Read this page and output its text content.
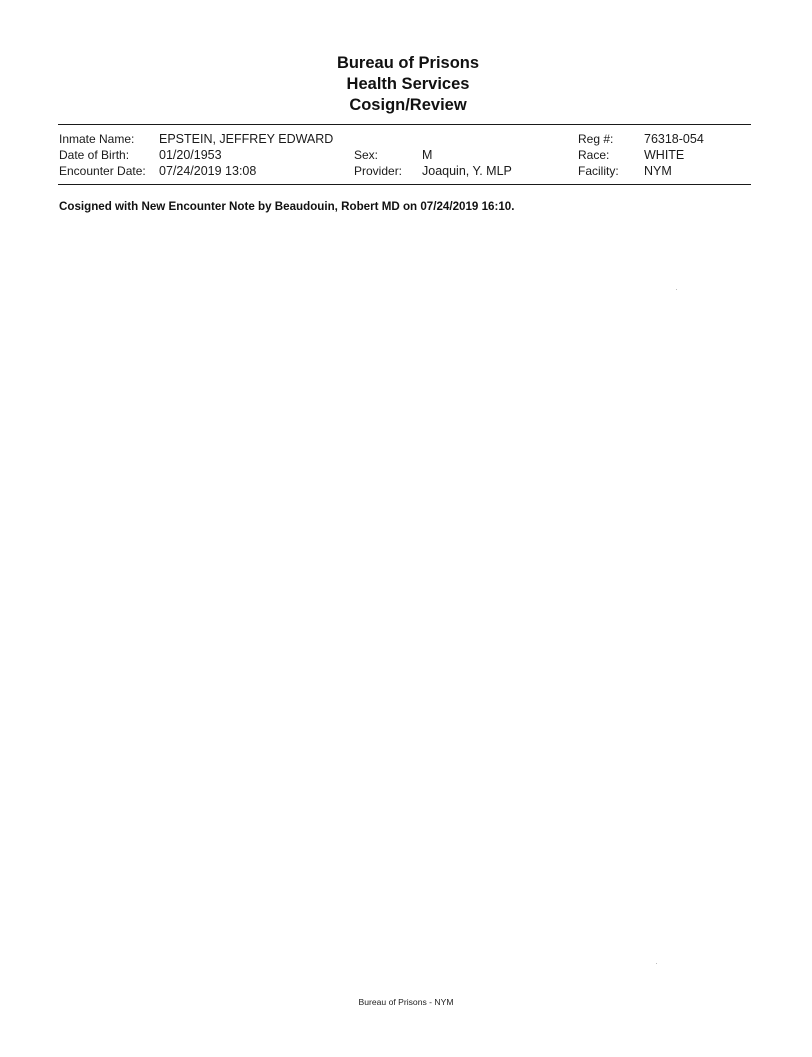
Bureau of Prisons
Health Services
Cosign/Review
Inmate Name:
Date of Birth:
Encounter Date:
EPSTEIN, JEFFREY EDWARD
01/20/1953
07/24/2019 13:08
Sex:
Provider:
M
Joaquin, Y. MLP
Reg #:
Race:
Facility:
76318-054
WHITE
NYM
Cosigned with New Encounter Note by Beaudouin, Robert MD on 07/24/2019 16:10.
Bureau of Prisons - NYM
